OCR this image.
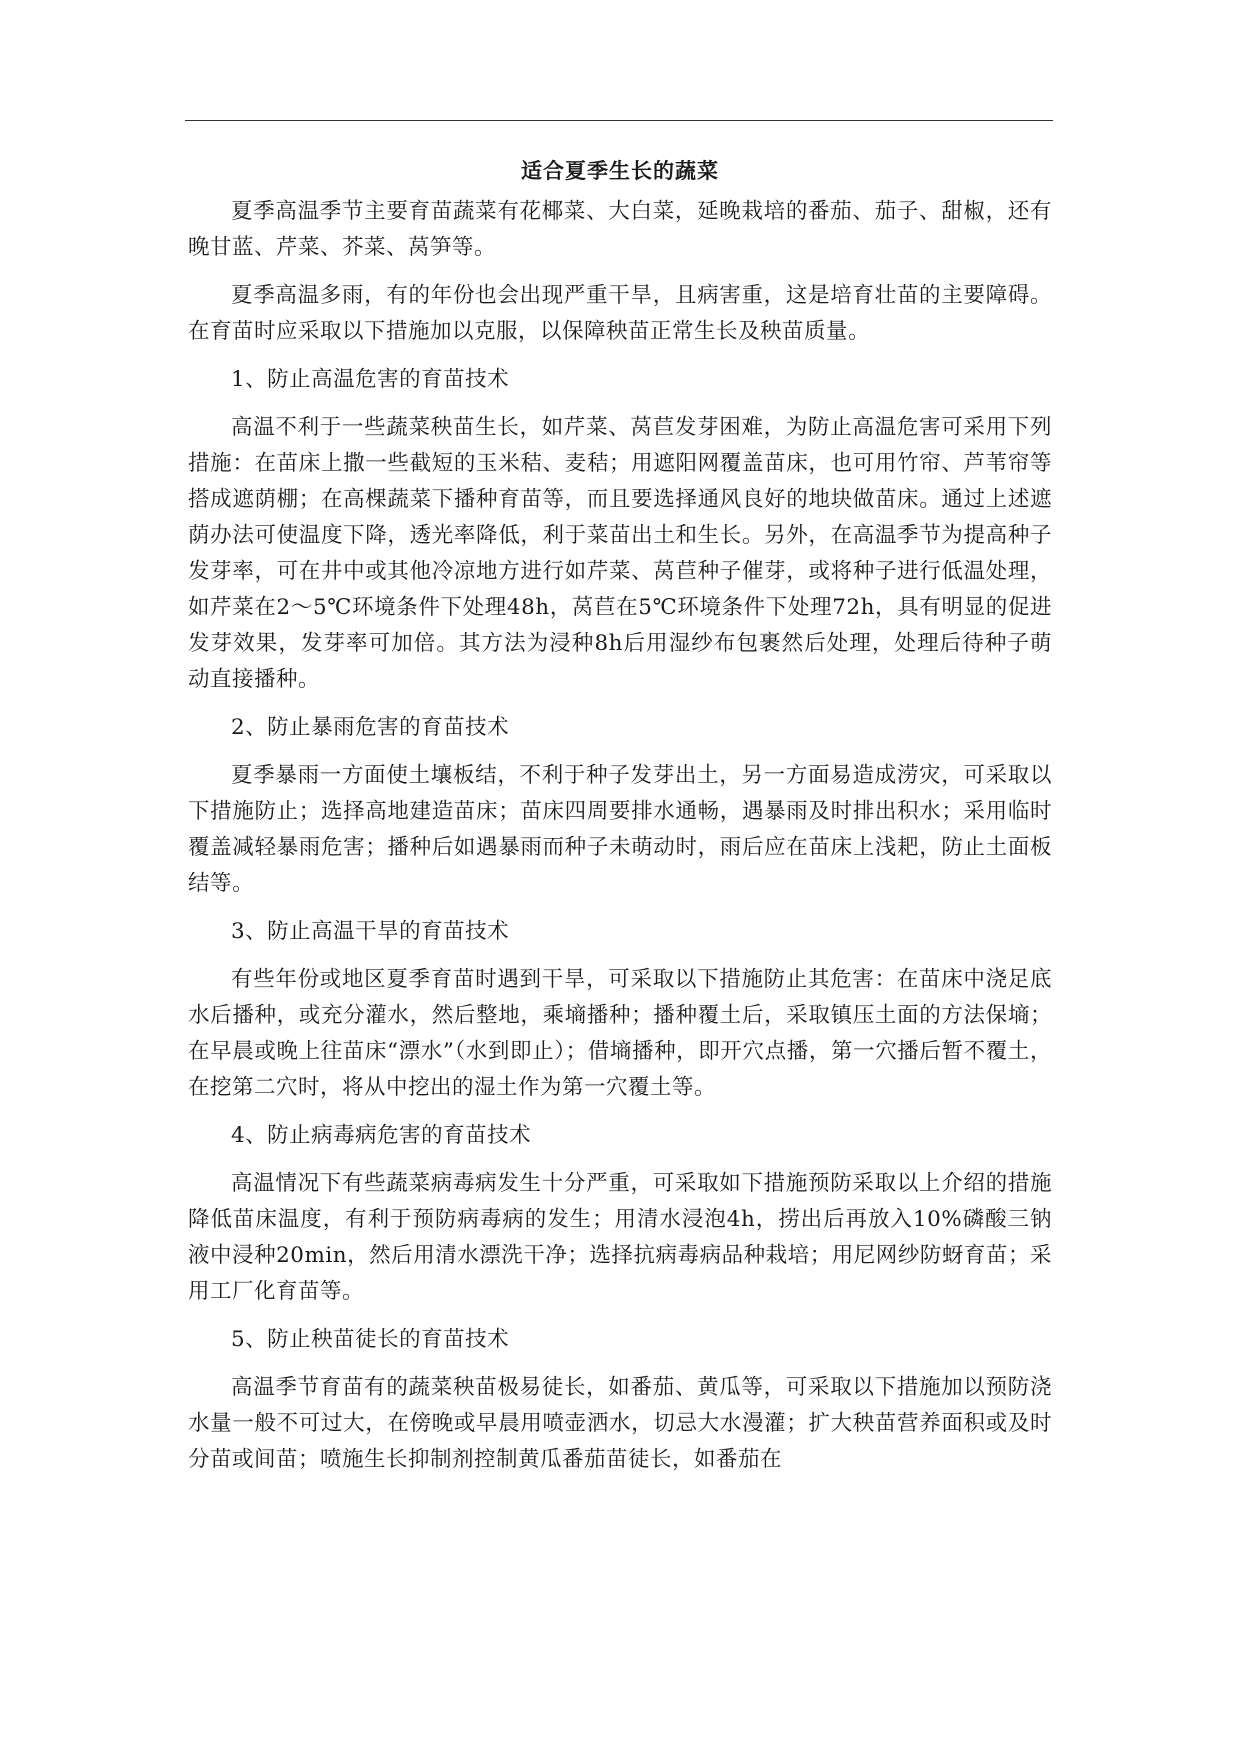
适合夏季生长的蔬菜

夏季高温季节主要育苗蔬菜有花椰菜、大白菜，延晚栽培的番茄、茄子、甜椒，还有晚甘蓝、芹菜、芥菜、莴笋等。

夏季高温多雨，有的年份也会出现严重干旱，且病害重，这是培育壮苗的主要障碍。在育苗时应采取以下措施加以克服，以保障秧苗正常生长及秧苗质量。

1、防止高温危害的育苗技术

高温不利于一些蔬菜秧苗生长，如芹菜、莴苣发芽困难，为防止高温危害可采用下列措施：在苗床上撒一些截短的玉米秸、麦秸；用遮阳网覆盖苗床，也可用竹帘、芦苇帘等搭成遮荫棚；在高棵蔬菜下播种育苗等，而且要选择通风良好的地块做苗床。通过上述遮荫办法可使温度下降，透光率降低，利于菜苗出土和生长。另外，在高温季节为提高种子发芽率，可在井中或其他冷凉地方进行如芹菜、莴苣种子催芽，或将种子进行低温处理，如芹菜在2～5℃环境条件下处理48h，莴苣在5℃环境条件下处理72h，具有明显的促进发芽效果，发芽率可加倍。其方法为浸种8h后用湿纱布包裹然后处理，处理后待种子萌动直接播种。

2、防止暴雨危害的育苗技术

夏季暴雨一方面使土壤板结，不利于种子发芽出土，另一方面易造成涝灾，可采取以下措施防止；选择高地建造苗床；苗床四周要排水通畅，遇暴雨及时排出积水；采用临时覆盖减轻暴雨危害；播种后如遇暴雨而种子未萌动时，雨后应在苗床上浅耙，防止土面板结等。

3、防止高温干旱的育苗技术

有些年份或地区夏季育苗时遇到干旱，可采取以下措施防止其危害：在苗床中浇足底水后播种，或充分灌水，然后整地，乘墒播种；播种覆土后，采取镇压土面的方法保墒；在早晨或晚上往苗床“漂水”（水到即止）；借墒播种，即开穴点播，第一穴播后暂不覆土，在挖第二穴时，将从中挖出的湿土作为第一穴覆土等。

4、防止病毒病危害的育苗技术

高温情况下有些蔬菜病毒病发生十分严重，可采取如下措施预防采取以上介绍的措施降低苗床温度，有利于预防病毒病的发生；用清水浸泡4h，捞出后再放入10%磷酸三钠液中浸种20min，然后用清水漂洗干净；选择抗病毒病品种栽培；用尼网纱防蚜育苗；采用工厂化育苗等。

5、防止秧苗徒长的育苗技术

高温季节育苗有的蔬菜秧苗极易徒长，如番茄、黄瓜等，可采取以下措施加以预防浇水量一般不可过大，在傍晚或早晨用喷壶洒水，切忌大水漫灌；扩大秧苗营养面积或及时分苗或间苗；喷施生长抑制剂控制黄瓜番茄苗徒长，如番茄在
